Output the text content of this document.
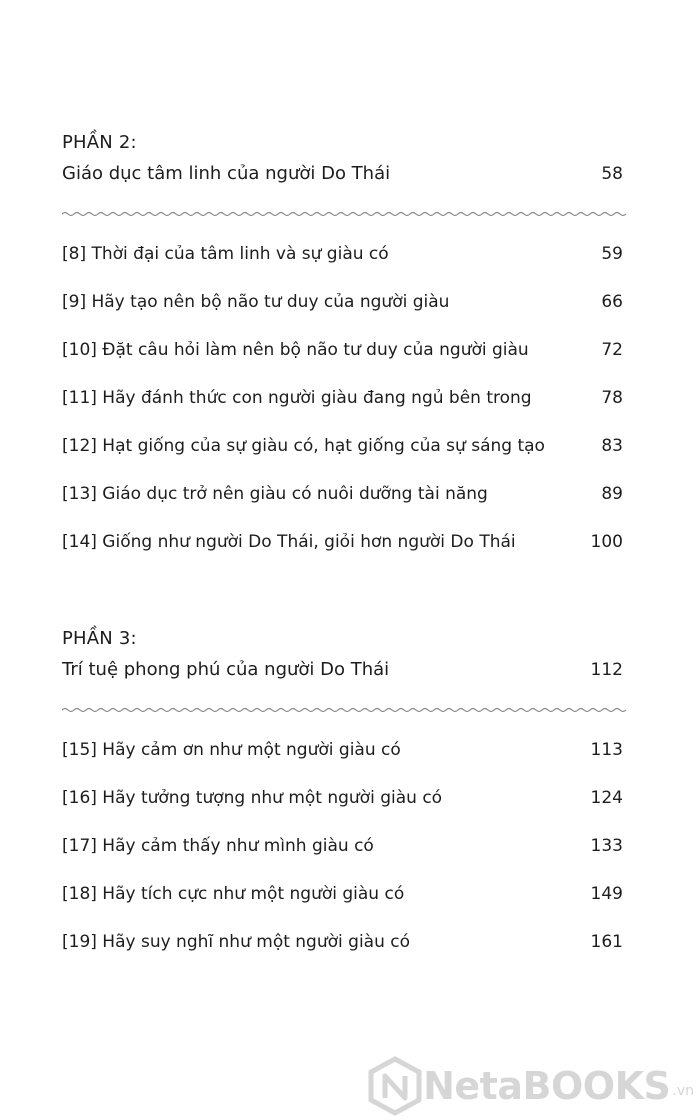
PHẦN 2:
Giáo dục tâm linh của người Do Thái	58
[8] Thời đại của tâm linh và sự giàu có	59
[9] Hãy tạo nên bộ não tư duy của người giàu	66
[10] Đặt câu hỏi làm nên bộ não tư duy của người giàu	72
[11] Hãy đánh thức con người giàu đang ngủ bên trong	78
[12] Hạt giống của sự giàu có, hạt giống của sự sáng tạo	83
[13] Giáo dục trở nên giàu có nuôi dưỡng tài năng	89
[14] Giống như người Do Thái, giỏi hơn người Do Thái	100
PHẦN 3:
Trí tuệ phong phú của người Do Thái	112
[15] Hãy cảm ơn như một người giàu có	113
[16] Hãy tưởng tượng như một người giàu có	124
[17] Hãy cảm thấy như mình giàu có	133
[18] Hãy tích cực như một người giàu có	149
[19] Hãy suy nghĩ như một người giàu có	161
NetaBOOKS .vn
